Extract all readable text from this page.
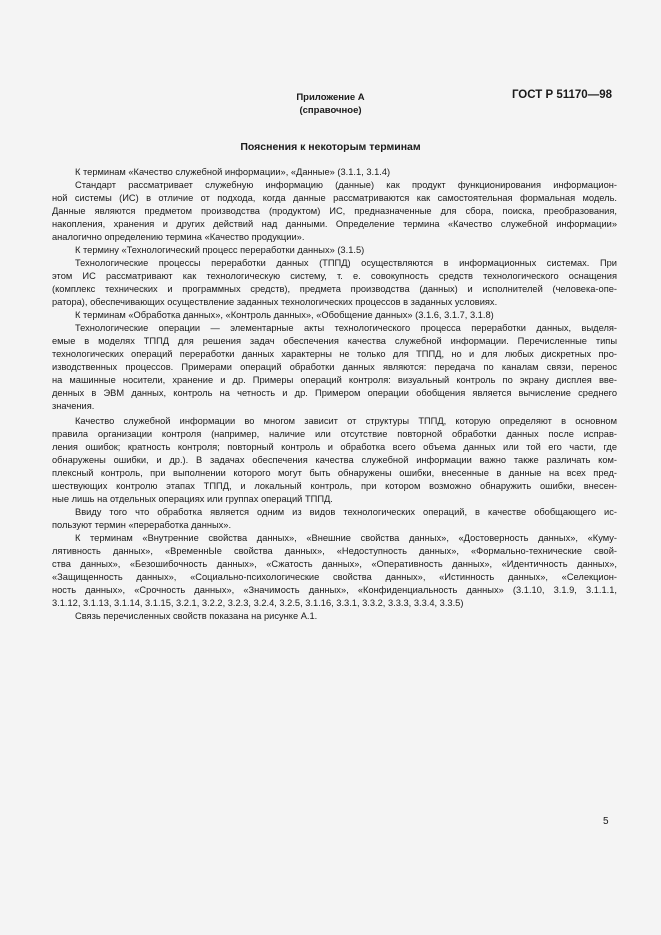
ГОСТ Р 51170—98
Приложение А
(справочное)
Пояснения к некоторым терминам
К терминам «Качество служебной информации», «Данные» (3.1.1, 3.1.4)
Стандарт рассматривает служебную информацию (данные) как продукт функционирования информацион-
ной системы (ИС) в отличие от подхода, когда данные рассматриваются как самостоятельная формальная модель.
Данные являются предметом производства (продуктом) ИС, предназначенные для сбора, поиска, преобразования,
накопления, хранения и других действий над данными. Определение термина «Качество служебной информации»
аналогично определению термина «Качество продукции».
К термину «Технологический процесс переработки данных» (3.1.5)
Технологические процессы переработки данных (ТППД) осуществляются в информационных системах. При
этом ИС рассматривают как технологическую систему, т. е. совокупность средств технологического оснащения
(комплекс технических и программных средств), предмета производства (данных) и исполнителей (человека-опе-
ратора), обеспечивающих осуществление заданных технологических процессов в заданных условиях.
К терминам «Обработка данных», «Контроль данных», «Обобщение данных» (3.1.6, 3.1.7, 3.1.8)
Технологические операции — элементарные акты технологического процесса переработки данных, выделя-
емые в моделях ТППД для решения задач обеспечения качества служебной информации. Перечисленные типы
технологических операций переработки данных характерны не только для ТППД, но и для любых дискретных про-
изводственных процессов. Примерами операций обработки данных являются: передача по каналам связи, перенос
на машинные носители, хранение и др. Примеры операций контроля: визуальный контроль по экрану дисплея вве-
денных в ЭВМ данных, контроль на четность и др. Примером операции обобщения является вычисление среднего
значения.
Качество служебной информации во многом зависит от структуры ТППД, которую определяют в основном
правила организации контроля (например, наличие или отсутствие повторной обработки данных после исправ-
ления ошибок; кратность контроля; повторный контроль и обработка всего объема данных или той его части, где
обнаружены ошибки, и др.). В задачах обеспечения качества служебной информации важно также различать ком-
плексный контроль, при выполнении которого могут быть обнаружены ошибки, внесенные в данные на всех пред-
шествующих контролю этапах ТППД, и локальный контроль, при котором возможно обнаружить ошибки, внесен-
ные лишь на отдельных операциях или группах операций ТППД.
Ввиду того что обработка является одним из видов технологических операций, в качестве обобщающего ис-
пользуют термин «переработка данных».
К терминам «Внутренние свойства данных», «Внешние свойства данных», «Достоверность данных», «Куму-
лятивность данных», «ВременнЫе свойства данных», «Недоступность данных», «Формально-технические свой-
ства данных», «Безошибочность данных», «Сжатость данных», «Оперативность данных», «Идентичность данных»,
«Защищенность данных», «Социально-психологические свойства данных», «Истинность данных», «Селекцион-
ность данных», «Срочность данных», «Значимость данных», «Конфиденциальность данных» (3.1.10, 3.1.9, 3.1.1.1,
3.1.12, 3.1.13, 3.1.14, 3.1.15, 3.2.1, 3.2.2, 3.2.3, 3.2.4, 3.2.5, 3.1.16, 3.3.1, 3.3.2, 3.3.3, 3.3.4, 3.3.5)
Связь перечисленных свойств показана на рисунке А.1.
5
